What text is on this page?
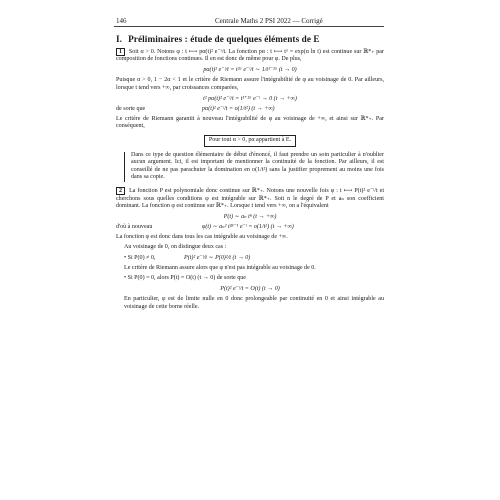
146	Centrale Maths 2 PSI 2022 — Corrigé
I. Préliminaires : étude de quelques éléments de E

1 Soit α > 0. Notons φ : t ⟼ pα(t)² e⁻ᵗ/t. La fonction pα : t ⟼ tᵅ = exp(α ln t) est continue sur ℝ*₊ par composition de fonctions continues. Il en est donc de même pour φ. De plus,

pα(t)² e⁻ᵗ/t = t²ᵅ e⁻ᵗ/t ∼ 1/t¹⁻²ᵅ (t → 0)

Puisque α > 0, 1 − 2α < 1 et le critère de Riemann assure l'intégrabilité de φ au voisinage de 0. Par ailleurs, lorsque t tend vers +∞, par croissances comparées,

t² pα(t)² e⁻ᵗ/t = t¹⁺²ᵅ e⁻ᵗ → 0 (t → +∞)
de sorte que	pα(t)² e⁻ᵗ/t = o(1/t²) (t → +∞)

Le critère de Riemann garantit à nouveau l'intégrabilité de φ au voisinage de +∞, et ainsi sur ℝ*₊. Par conséquent,

Pour tout α > 0, pα appartient à E.
Dans ce type de question élémentaire de début d'énoncé, il faut prendre un soin particulier à n'oublier aucun argument. Ici, il est important de mentionner la continuité de la fonction. Par ailleurs, il est conseillé de ne pas parachuter la domination en o(1/t²) sans la justifier proprement au moins une fois dans sa copie.

2 La fonction P est polynomiale donc continue sur ℝ*₊. Notons une nouvelle fois φ : t ⟼ P(t)² e⁻ᵗ/t et cherchons sous quelles conditions φ est intégrable sur ℝ*₊. Soit n le degré de P et aₙ son coefficient dominant. La fonction φ est continue sur ℝ*₊. Lorsque t tend vers +∞, on a l'équivalent

P(t) ∼ aₙ tⁿ (t → +∞)
d'où à nouveau	φ(t) ∼ aₙ² t²ⁿ⁻¹ e⁻ᵗ = o(1/t²) (t → +∞)

La fonction φ est donc dans tous les cas intégrable au voisinage de +∞.

Au voisinage de 0, on distingue deux cas :

• Si P(0) ≠ 0,	P(t)² e⁻ᵗ/t ∼ P(0)²/t (t → 0)

Le critère de Riemann assure alors que φ n'est pas intégrable au voisinage de 0.

• Si P(0) = 0, alors P(t) = O(t) (t → 0) de sorte que

P(t)² e⁻ᵗ/t = O(t) (t → 0)

En particulier, φ est de limite nulle en 0 donc prolongeable par continuité en 0 et ainsi intégrable au voisinage de cette borne réelle.
